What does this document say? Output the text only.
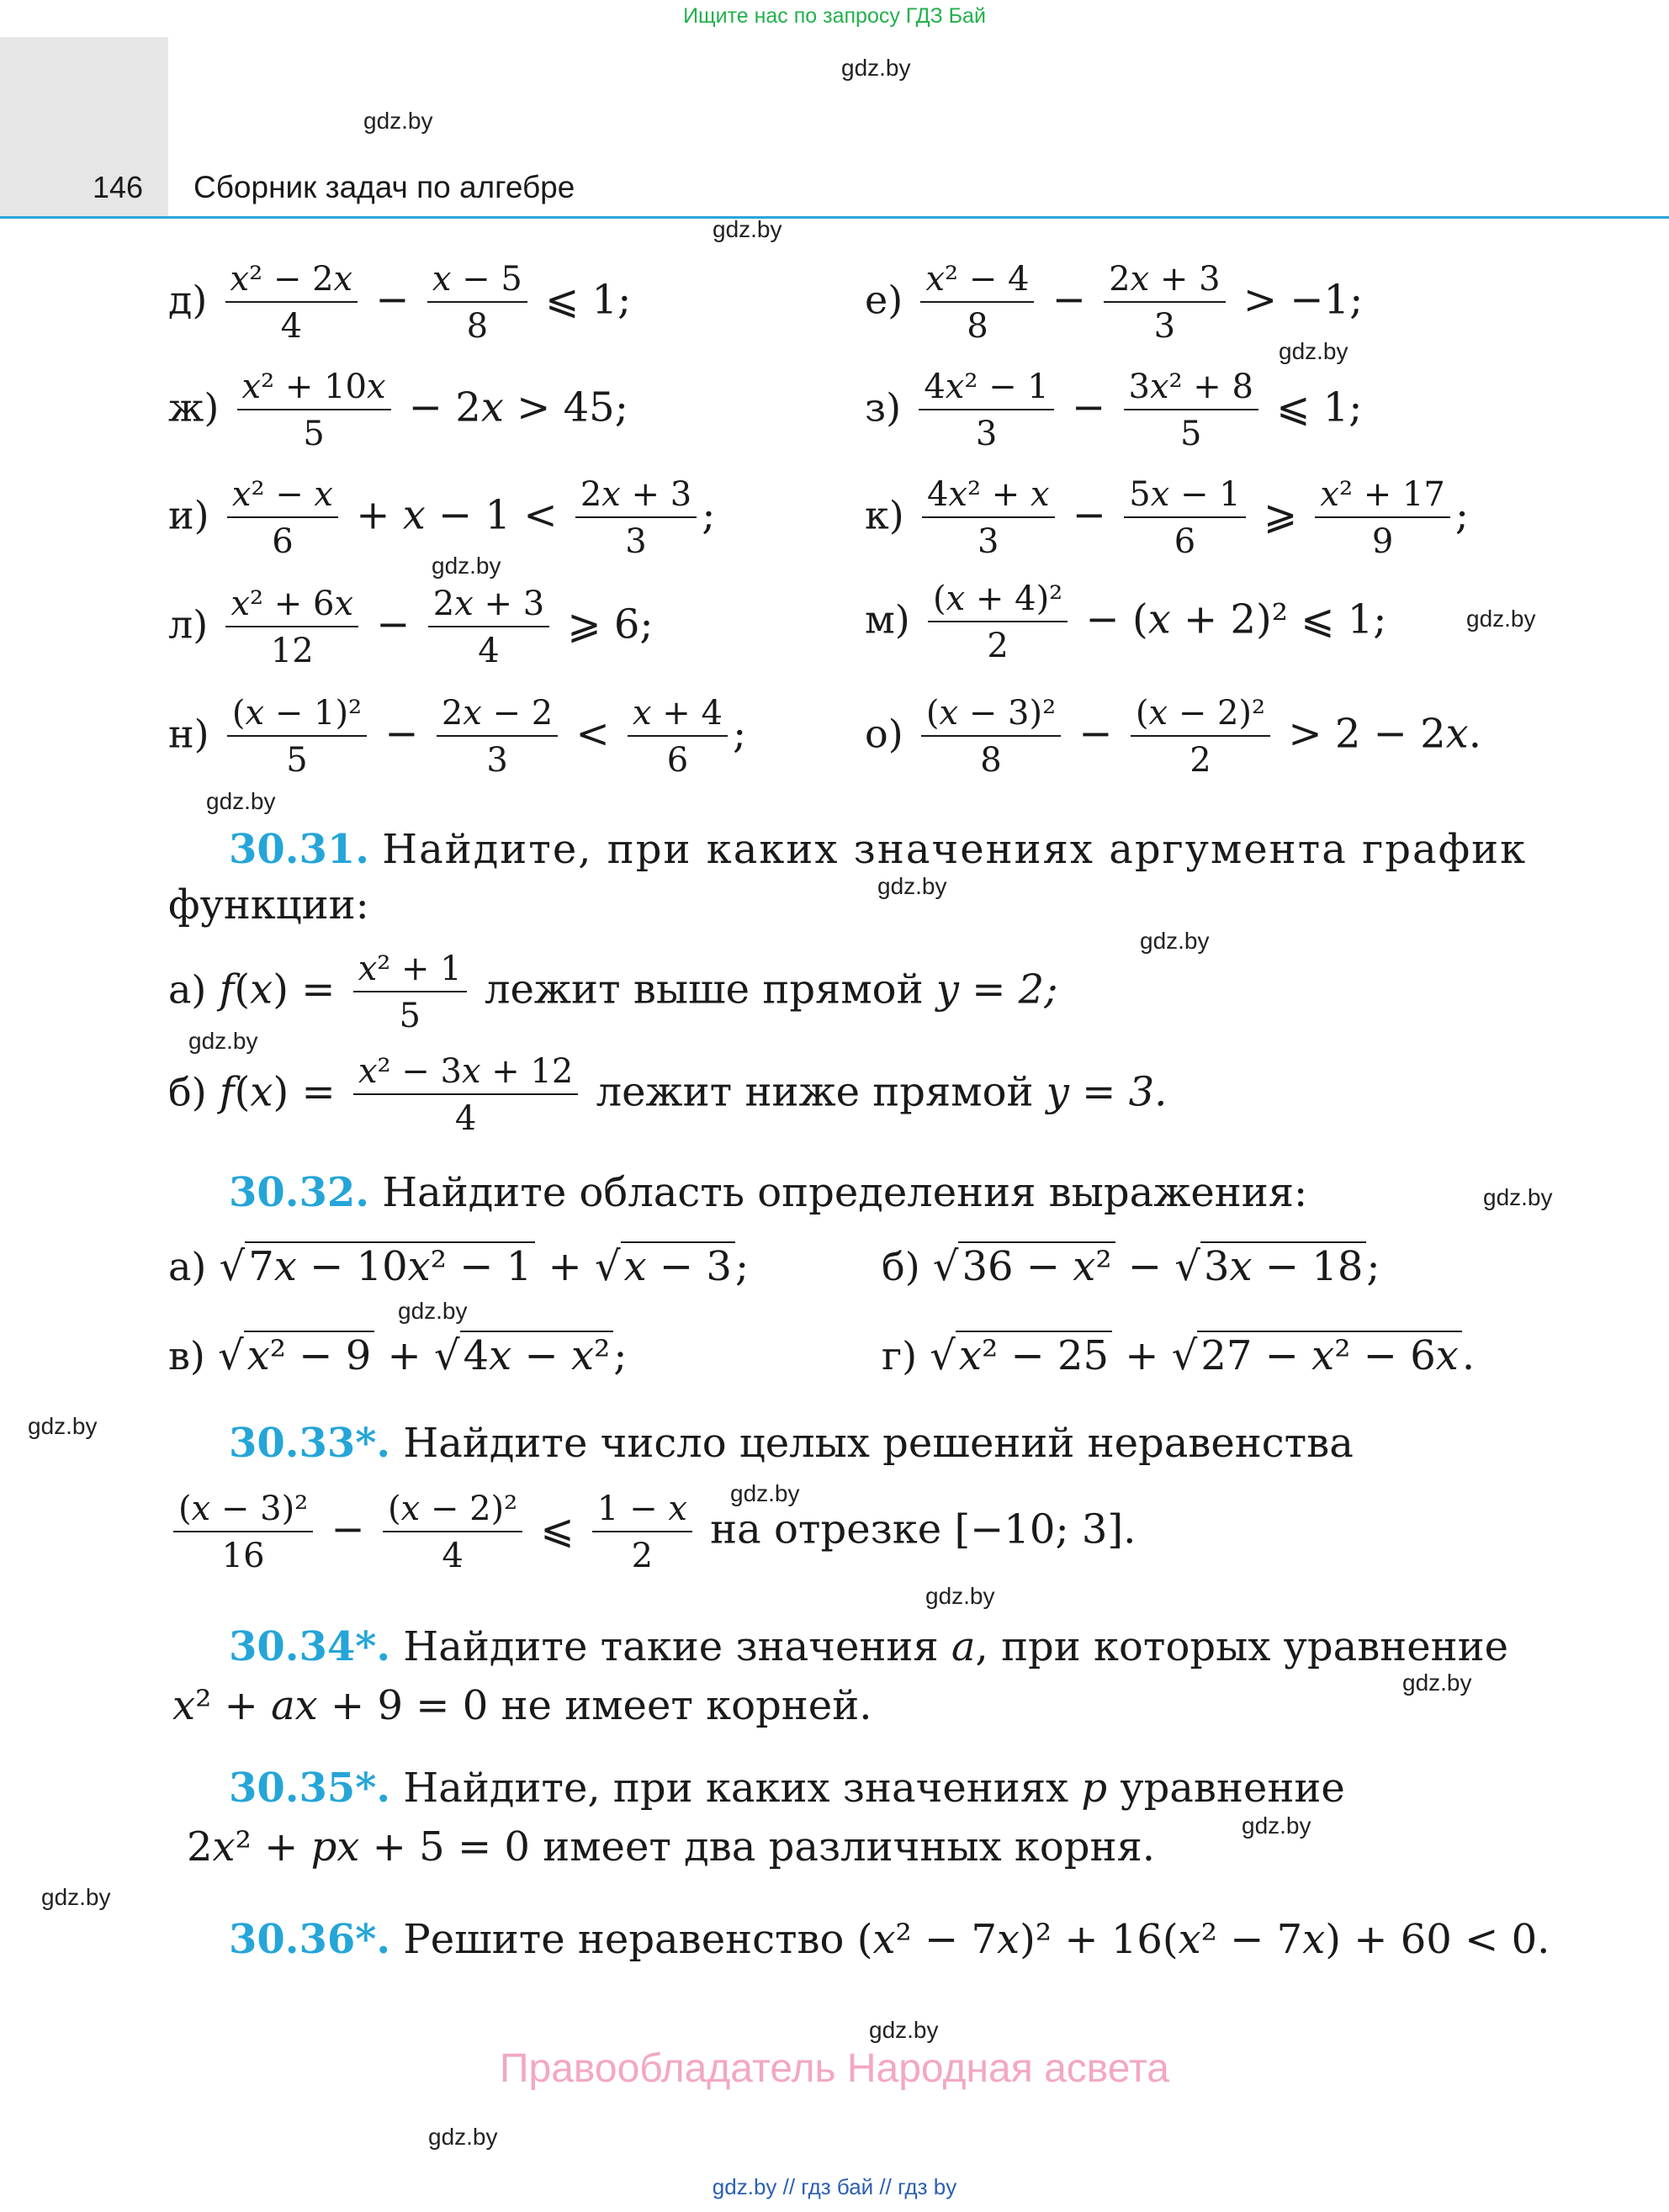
Ищите нас по запросу ГДЗ Бай
146 Сборник задач по алгебре
gdz.by
gdz.by
gdz.by
gdz.by
gdz.by
gdz.by
gdz.by
gdz.by
gdz.by
gdz.by
gdz.by
gdz.by
gdz.by
gdz.by
gdz.by
gdz.by
gdz.by
gdz.by
gdz.by
gdz.by
$д) \frac{\text{x² − 2x}}{4} - \frac{x - 5}{8}$ ⩽ 1;	$е) \frac{\text{x² − 4}}{8} - \frac{2x + 3}{3} > -1$;
$ж) \frac{\text{x² + 10x}}{5} - 2x > 45$;	$з) \frac{\text{4x² − 1}}{3} - \frac{\text{3x² + 8}}{5}$ ⩽ 1;
$и) \frac{\text{x² − x}}{6} + x - 1 < \frac{2x + 3}{3}$ ;	$к) \frac{\text{4x² + x}}{3} - \frac{5x - 1}{6}$ ⩾ $\frac{\text{x² + 17}}{9}$ ;
$л) \frac{\text{x² + 6x}}{12} - \frac{2x + 3}{4}$ ⩾ 6;	$м) \frac{\text{(x + 4)²}}{2} - (x + 2)^2$ ⩽ 1;
$н) \frac{\text{(x − 1)²}}{5} - \frac{2x - 2}{3} < \frac{x + 4}{6}$ ;	$о) \frac{\text{(x − 3)²}}{8} - \frac{\text{(x − 2)²}}{2} > 2 - 2x$.
30.31. Найдите, при каких значениях аргумента график
функции:
а) $f(x) = \frac{\text{x² + 1}}{5}$ лежит выше прямой y = 2;
б) $f(x) = \frac{\text{x² − 3x + 12}}{4}$ лежит ниже прямой y = 3.
30.32. Найдите область определения выражения:
а) √7x − 10x² − 1 + √x − 3;	б) √36 − x² − √3x − 18;
в) √x² − 9 + √4x − x²;	г) √x² − 25 + √27 − x² − 6x.
30.33*. Найдите число целых решений неравенства
$\frac{\text{(x − 3)²}}{16} - \frac{\text{(x − 2)²}}{4}$ ⩽ $\frac{1 - x}{2}$ на отрезке [−10; 3].
30.34*. Найдите такие значения a, при которых уравнение
x² + ax + 9 = 0 не имеет корней.
30.35*. Найдите, при каких значениях p уравнение
2x² + px + 5 = 0 имеет два различных корня.
30.36*. Решите неравенство (x² − 7x)² + 16(x² − 7x) + 60 < 0.
Правообладатель Народная асвета
gdz.by // гдз бай // гдз by
